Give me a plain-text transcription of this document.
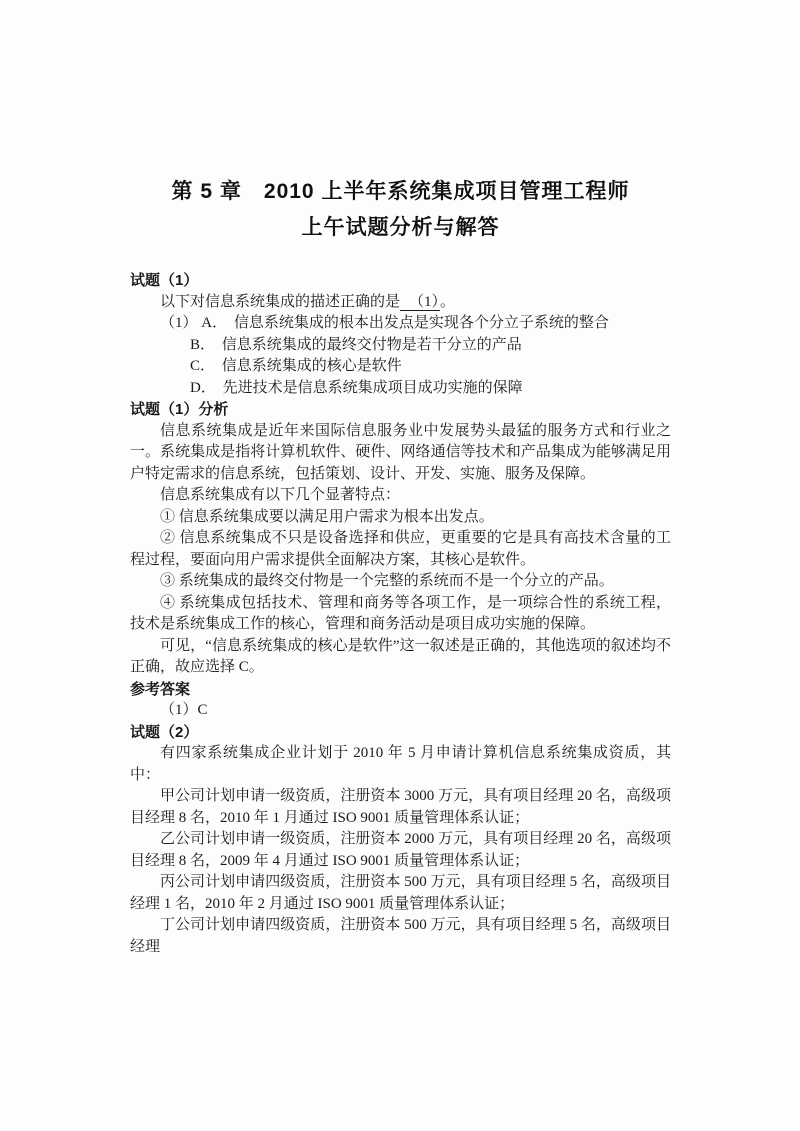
第 5 章　2010 上半年系统集成项目管理工程师
上午试题分析与解答

试题（1）

以下对信息系统集成的描述正确的是 （1）。

（1） A． 信息系统集成的根本出发点是实现各个分立子系统的整合

B． 信息系统集成的最终交付物是若干分立的产品

C． 信息系统集成的核心是软件

D． 先进技术是信息系统集成项目成功实施的保障

试题（1）分析

信息系统集成是近年来国际信息服务业中发展势头最猛的服务方式和行业之一。系统集成是指将计算机软件、硬件、网络通信等技术和产品集成为能够满足用户特定需求的信息系统，包括策划、设计、开发、实施、服务及保障。

信息系统集成有以下几个显著特点：

① 信息系统集成要以满足用户需求为根本出发点。

② 信息系统集成不只是设备选择和供应，更重要的它是具有高技术含量的工程过程，要面向用户需求提供全面解决方案，其核心是软件。

③ 系统集成的最终交付物是一个完整的系统而不是一个分立的产品。

④ 系统集成包括技术、管理和商务等各项工作，是一项综合性的系统工程，技术是系统集成工作的核心，管理和商务活动是项目成功实施的保障。

可见，“信息系统集成的核心是软件”这一叙述是正确的，其他选项的叙述均不正确，故应选择 C。

参考答案

（1）C

试题（2）

有四家系统集成企业计划于 2010 年 5 月申请计算机信息系统集成资质，其中：

甲公司计划申请一级资质，注册资本 3000 万元，具有项目经理 20 名，高级项目经理 8 名，2010 年 1 月通过 ISO 9001 质量管理体系认证；

乙公司计划申请一级资质，注册资本 2000 万元，具有项目经理 20 名，高级项目经理 8 名，2009 年 4 月通过 ISO 9001 质量管理体系认证；

丙公司计划申请四级资质，注册资本 500 万元，具有项目经理 5 名，高级项目经理 1 名，2010 年 2 月通过 ISO 9001 质量管理体系认证；

丁公司计划申请四级资质，注册资本 500 万元，具有项目经理 5 名，高级项目经理
